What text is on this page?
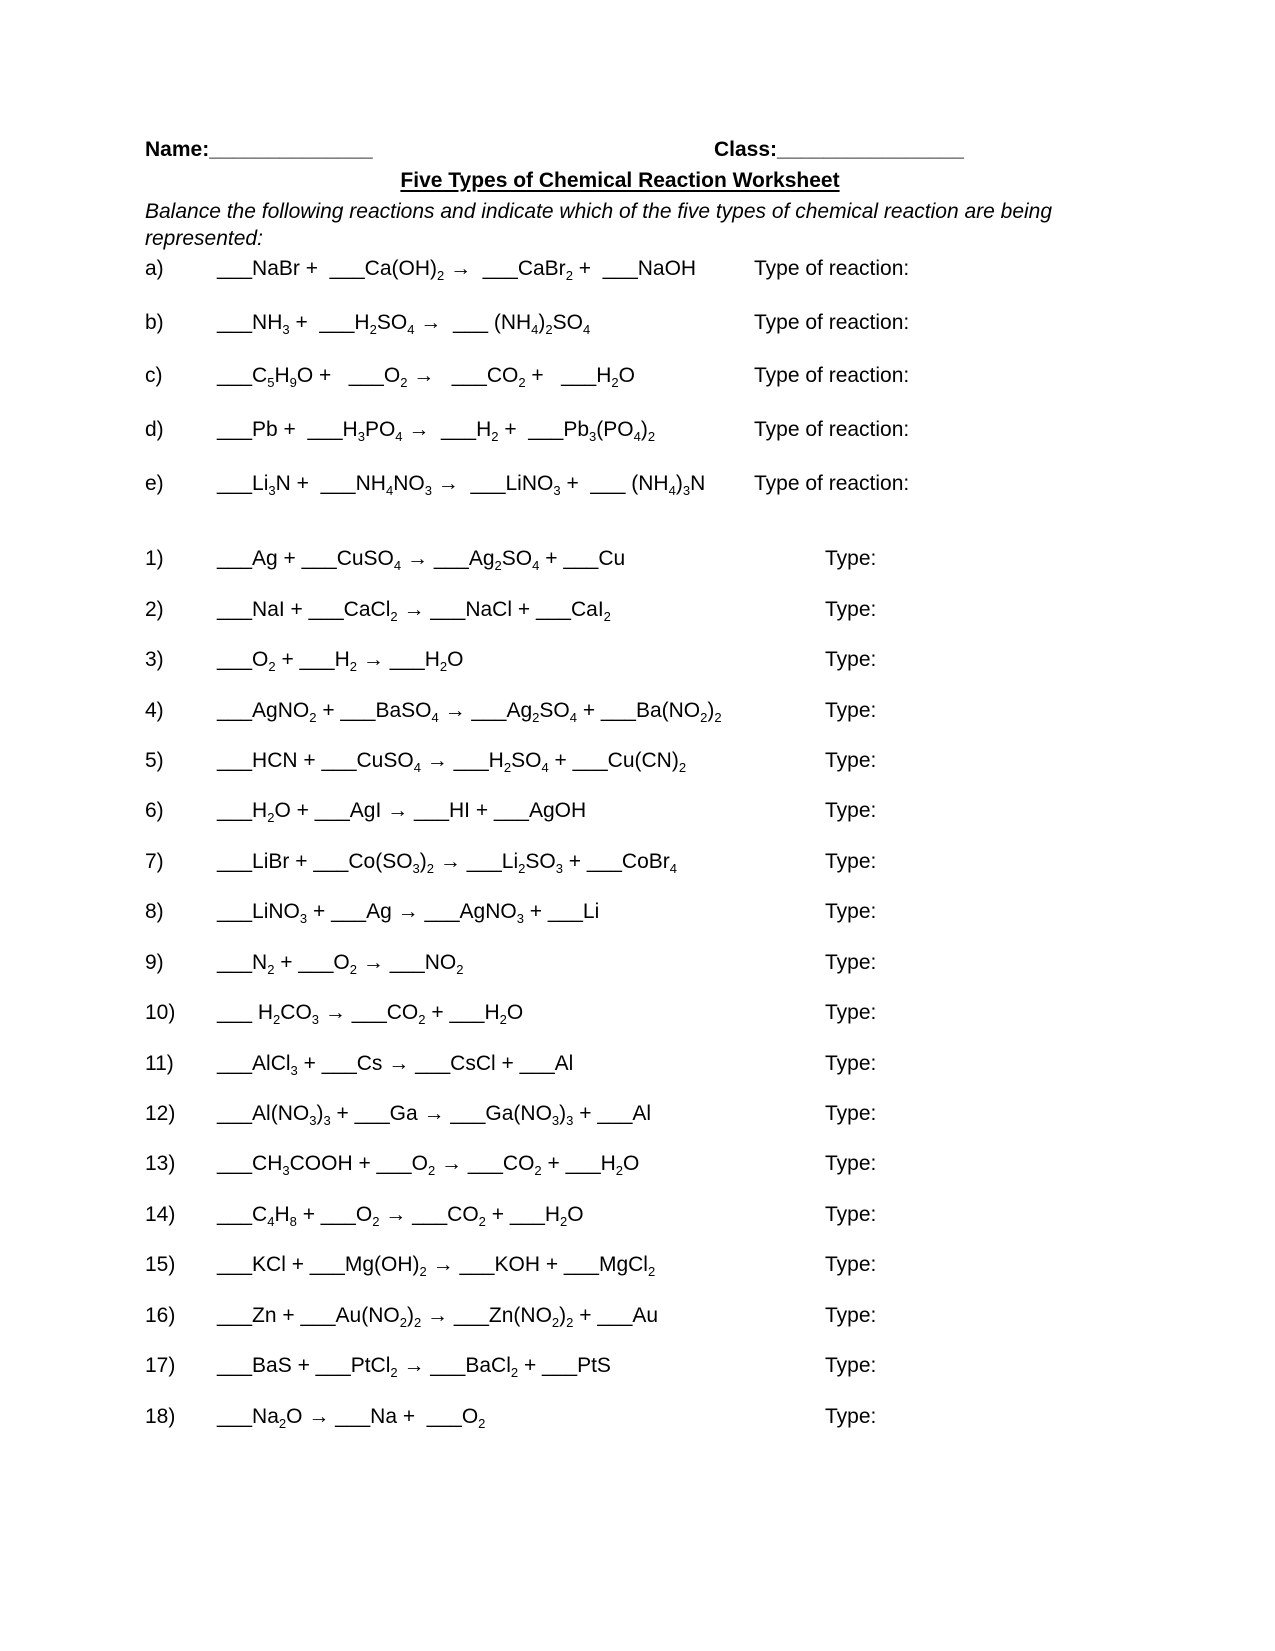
Name:______________	Class:________________
Five Types of Chemical Reaction Worksheet
Balance the following reactions and indicate which of the five types of chemical reaction are being
represented:
a)	___NaBr +  $\_\_\_Ca(OH)_2$ →  ___CaBr$_2$ +  ___NaOH	Type of reaction:
b)	$\_\_\_NH_3$ +  $\_\_\_H_2SO_4$ →  ___ $(NH_4)_2SO_4$	Type of reaction:
c)	$\_\_\_C_5H_9O$ +   $\_\_\_O_2$ →   $\_\_\_CO_2$ +   $\_\_\_H_2O$	Type of reaction:
d)	___Pb +  $\_\_\_H_3PO_4$ →  $\_\_\_H_2$ +  $\_\_\_Pb_3(PO_4)_2$	Type of reaction:
e)	$\_\_\_Li_3N$ +  $\_\_\_NH_4NO_3$ →  ___LiNO$_3$ +  ___ $(NH_4)_3N$ Type of reaction:
1)	___Ag + ___CuSO$_4$ → $\_\_\_Ag_2SO_4$ + ___Cu	Type:
2)	___NaI + ___CaCl$_2$ → ___NaCl + ___CaI$_2$	Type:
3)	$\_\_\_O_2$ + $\_\_\_H_2$ → $\_\_\_H_2O$	Type:
4)	___AgNO$_2$ + ___BaSO$_4$ → $\_\_\_Ag_2SO_4$ + $\_\_\_Ba(NO_2)_2$	Type:
5)	___HCN + ___CuSO$_4$ → $\_\_\_H_2SO_4$ + $\_\_\_Cu(CN)_2$	Type:
6)	$\_\_\_H_2O$ + ___AgI → ___HI + ___AgOH	Type:
7)	___LiBr + $\_\_\_Co(SO_3)_2$ → $\_\_\_Li_2SO_3$ + ___CoBr$_4$	Type:
8)	___LiNO$_3$ + ___Ag → ___AgNO$_3$ + ___Li	Type:
9)	$\_\_\_N_2$ + $\_\_\_O_2$ → $\_\_\_NO_2$	Type:
10) ___ $H_2CO_3$ → $\_\_\_CO_2$ + $\_\_\_H_2O$	Type:
11) ___AlCl$_3$ + ___Cs → ___CsCl + ___Al	Type:
12) $\_\_\_Al(NO_3)_3$ + ___Ga → $\_\_\_Ga(NO_3)_3$ + ___Al	Type:
13) $\_\_\_CH_3COOH$ + $\_\_\_O_2$ → $\_\_\_CO_2$ + $\_\_\_H_2O$	Type:
14) $\_\_\_C_4H_8$ + $\_\_\_O_2$ → $\_\_\_CO_2$ + $\_\_\_H_2O$	Type:
15) ___KCl + $\_\_\_Mg(OH)_2$ → ___KOH + ___MgCl$_2$	Type:
16) ___Zn + $\_\_\_Au(NO_2)_2$ → $\_\_\_Zn(NO_2)_2$ + ___Au	Type:
17) ___BaS + ___PtCl$_2$ → ___BaCl$_2$ + ___PtS	Type:
18) $\_\_\_Na_2O$ → ___Na +  $\_\_\_O_2$	Type:
